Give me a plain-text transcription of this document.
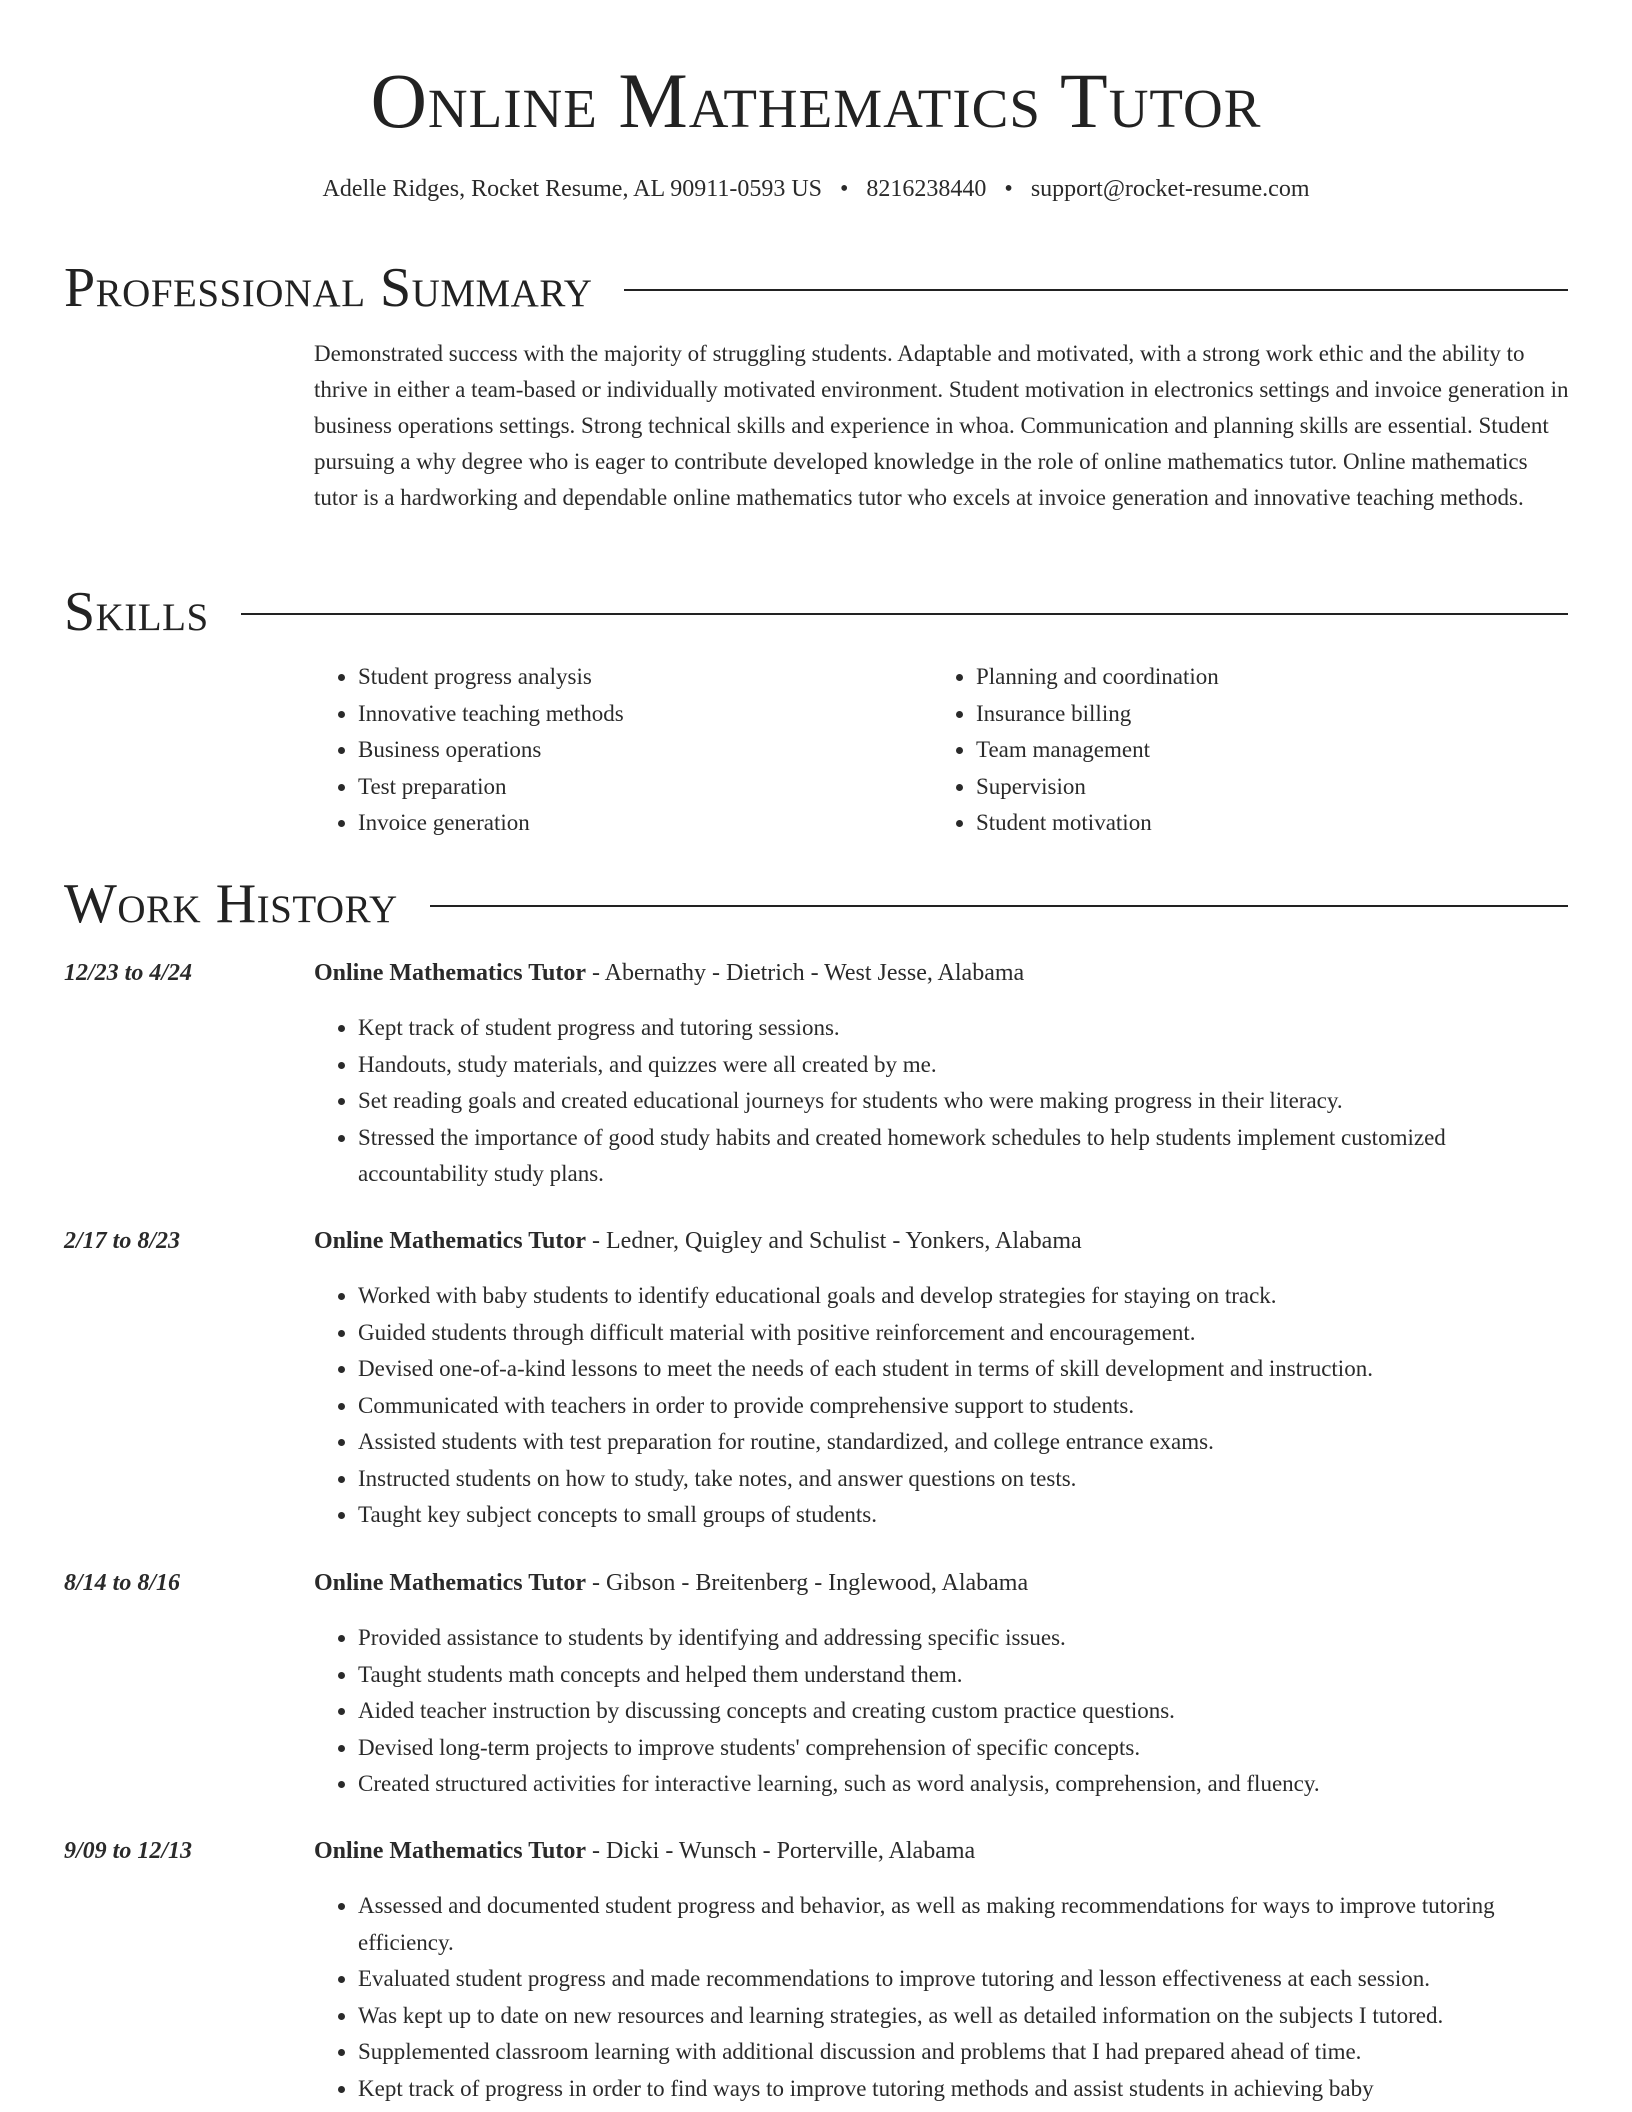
Online Mathematics Tutor
Adelle Ridges, Rocket Resume, AL 90911-0593 US • 8216238440 • support@rocket-resume.com
Professional Summary
Demonstrated success with the majority of struggling students. Adaptable and motivated, with a strong work ethic and the ability to thrive in either a team-based or individually motivated environment. Student motivation in electronics settings and invoice generation in business operations settings. Strong technical skills and experience in whoa. Communication and planning skills are essential. Student pursuing a why degree who is eager to contribute developed knowledge in the role of online mathematics tutor. Online mathematics tutor is a hardworking and dependable online mathematics tutor who excels at invoice generation and innovative teaching methods.
Skills
• Student progress analysis
• Innovative teaching methods
• Business operations
• Test preparation
• Invoice generation
• Planning and coordination
• Insurance billing
• Team management
• Supervision
• Student motivation
Work History
12/23 to 4/24	Online Mathematics Tutor - Abernathy - Dietrich - West Jesse, Alabama
• Kept track of student progress and tutoring sessions.
• Handouts, study materials, and quizzes were all created by me.
• Set reading goals and created educational journeys for students who were making progress in their literacy.
• Stressed the importance of good study habits and created homework schedules to help students implement customized accountability study plans.
2/17 to 8/23	Online Mathematics Tutor - Ledner, Quigley and Schulist - Yonkers, Alabama
• Worked with baby students to identify educational goals and develop strategies for staying on track.
• Guided students through difficult material with positive reinforcement and encouragement.
• Devised one-of-a-kind lessons to meet the needs of each student in terms of skill development and instruction.
• Communicated with teachers in order to provide comprehensive support to students.
• Assisted students with test preparation for routine, standardized, and college entrance exams.
• Instructed students on how to study, take notes, and answer questions on tests.
• Taught key subject concepts to small groups of students.
8/14 to 8/16	Online Mathematics Tutor - Gibson - Breitenberg - Inglewood, Alabama
• Provided assistance to students by identifying and addressing specific issues.
• Taught students math concepts and helped them understand them.
• Aided teacher instruction by discussing concepts and creating custom practice questions.
• Devised long-term projects to improve students' comprehension of specific concepts.
• Created structured activities for interactive learning, such as word analysis, comprehension, and fluency.
9/09 to 12/13	Online Mathematics Tutor - Dicki - Wunsch - Porterville, Alabama
• Assessed and documented student progress and behavior, as well as making recommendations for ways to improve tutoring efficiency.
• Evaluated student progress and made recommendations to improve tutoring and lesson effectiveness at each session.
• Was kept up to date on new resources and learning strategies, as well as detailed information on the subjects I tutored.
• Supplemented classroom learning with additional discussion and problems that I had prepared ahead of time.
• Kept track of progress in order to find ways to improve tutoring methods and assist students in achieving baby
